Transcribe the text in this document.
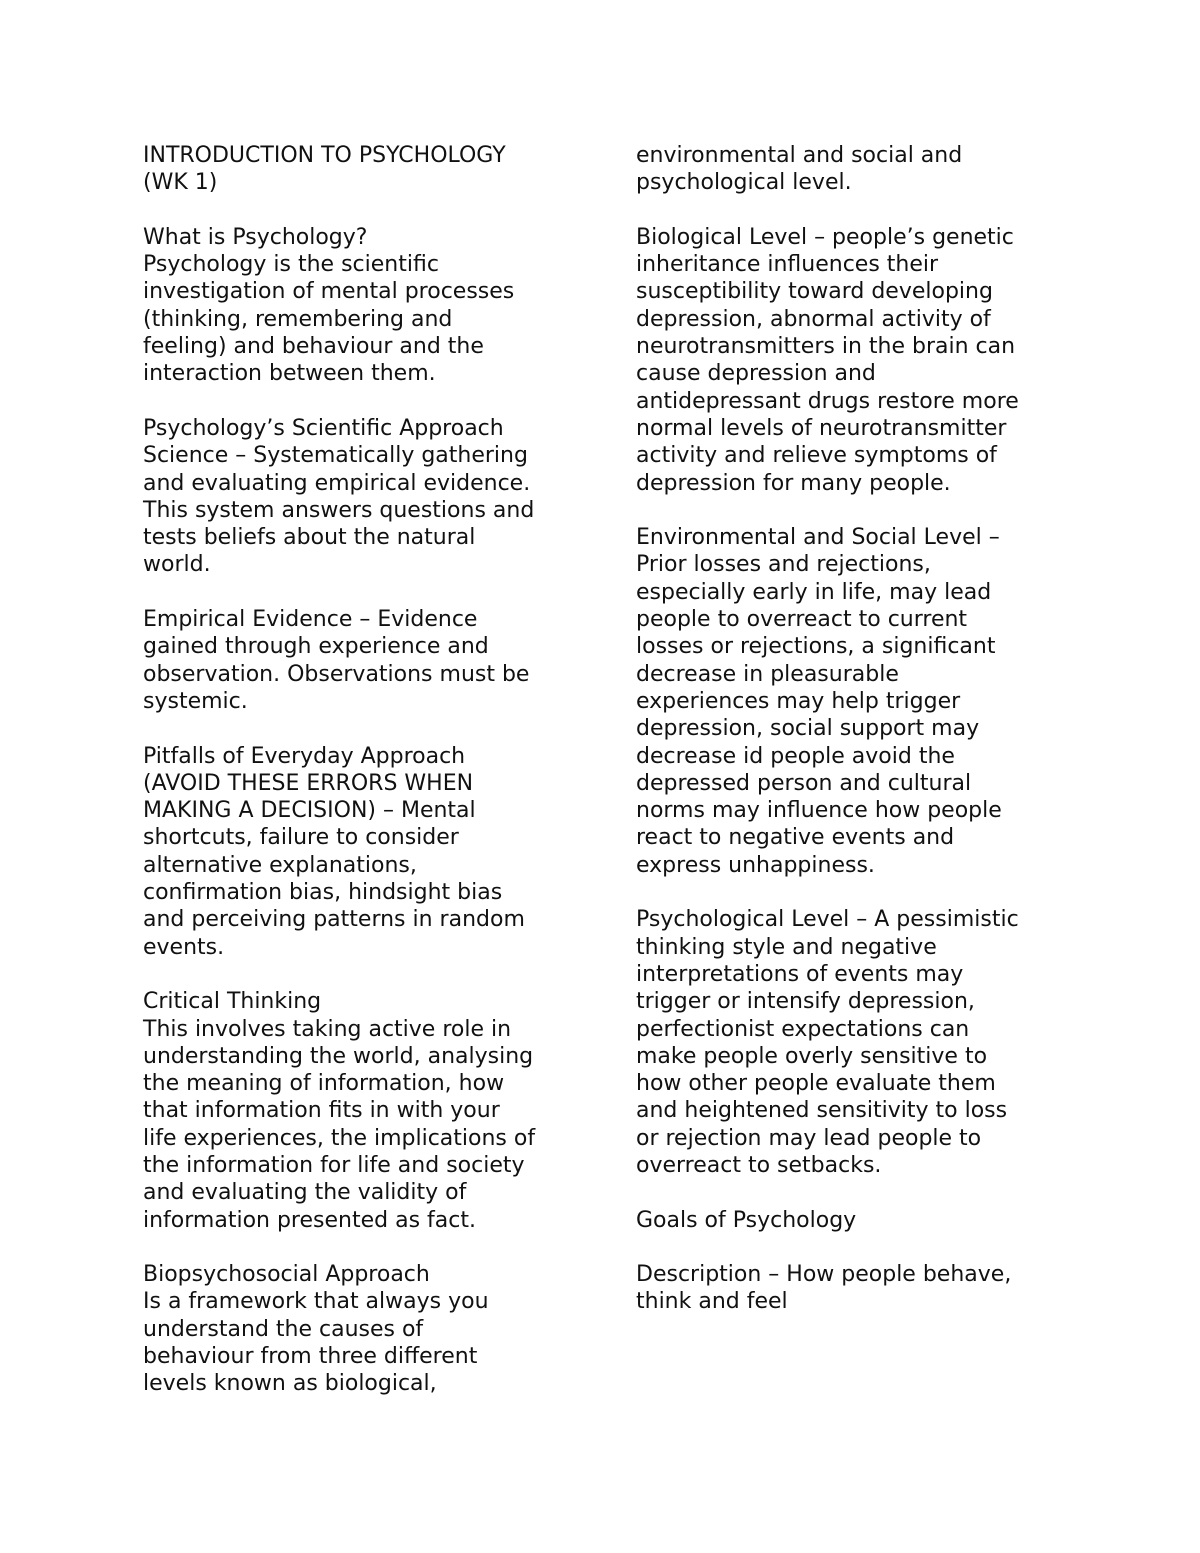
INTRODUCTION TO PSYCHOLOGY
(WK 1)
What is Psychology?
Psychology is the scientific
investigation of mental processes
(thinking, remembering and
feeling) and behaviour and the
interaction between them.
Psychology’s Scientific Approach
Science – Systematically gathering
and evaluating empirical evidence.
This system answers questions and
tests beliefs about the natural
world.
Empirical Evidence – Evidence
gained through experience and
observation. Observations must be
systemic.
Pitfalls of Everyday Approach
(AVOID THESE ERRORS WHEN
MAKING A DECISION) – Mental
shortcuts, failure to consider
alternative explanations,
confirmation bias, hindsight bias
and perceiving patterns in random
events.
Critical Thinking
This involves taking active role in
understanding the world, analysing
the meaning of information, how
that information fits in with your
life experiences, the implications of
the information for life and society
and evaluating the validity of
information presented as fact.
Biopsychosocial Approach
Is a framework that always you
understand the causes of
behaviour from three different
levels known as biological,
environmental and social and
psychological level.
Biological Level – people’s genetic
inheritance influences their
susceptibility toward developing
depression, abnormal activity of
neurotransmitters in the brain can
cause depression and
antidepressant drugs restore more
normal levels of neurotransmitter
activity and relieve symptoms of
depression for many people.
Environmental and Social Level –
Prior losses and rejections,
especially early in life, may lead
people to overreact to current
losses or rejections, a significant
decrease in pleasurable
experiences may help trigger
depression, social support may
decrease id people avoid the
depressed person and cultural
norms may influence how people
react to negative events and
express unhappiness.
Psychological Level – A pessimistic
thinking style and negative
interpretations of events may
trigger or intensify depression,
perfectionist expectations can
make people overly sensitive to
how other people evaluate them
and heightened sensitivity to loss
or rejection may lead people to
overreact to setbacks.
Goals of Psychology
Description – How people behave,
think and feel
